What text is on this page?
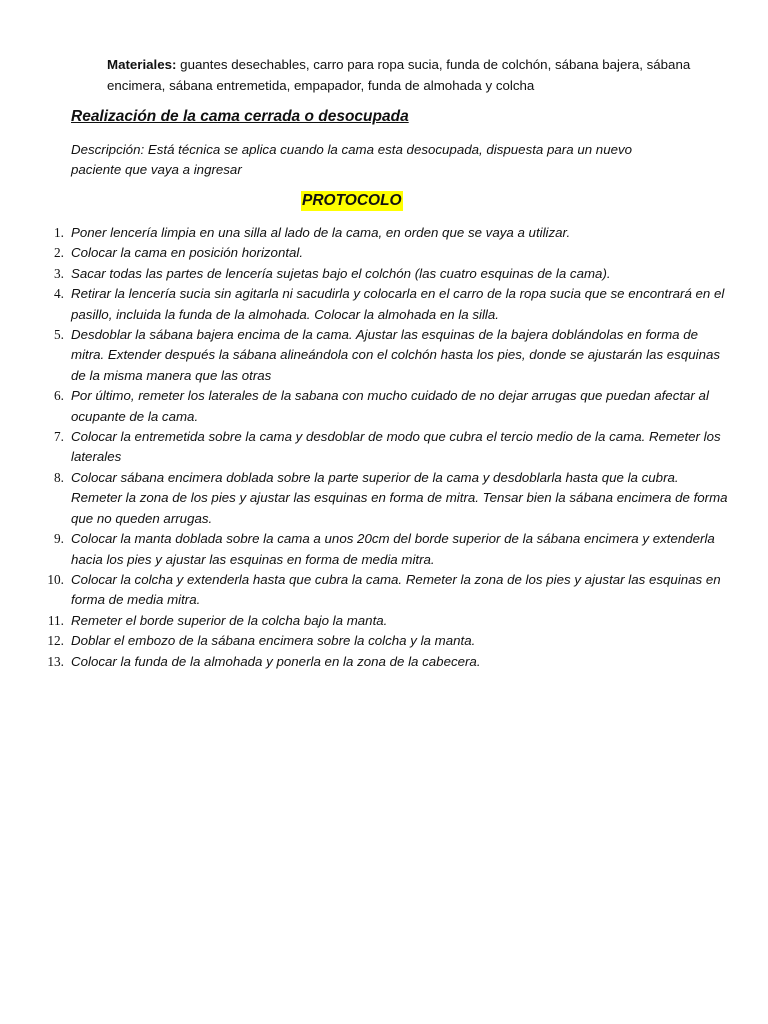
Materiales: guantes desechables, carro para ropa sucia, funda de colchón, sábana bajera, sábana encimera, sábana entremetida, empapador, funda de almohada y colcha
Realización de la cama cerrada o desocupada
Descripción: Está técnica se aplica cuando la cama esta desocupada, dispuesta para un nuevo paciente que vaya a ingresar
PROTOCOLO
1. Poner lencería limpia en una silla al lado de la cama, en orden que se vaya a utilizar.
2. Colocar la cama en posición horizontal.
3. Sacar todas las partes de lencería sujetas bajo el colchón (las cuatro esquinas de la cama).
4. Retirar la lencería sucia sin agitarla ni sacudirla y colocarla en el carro de la ropa sucia que se encontrará en el pasillo, incluida la funda de la almohada. Colocar la almohada en la silla.
5. Desdoblar la sábana bajera encima de la cama. Ajustar las esquinas de la bajera doblándolas en forma de mitra. Extender después la sábana alineándola con el colchón hasta los pies, donde se ajustarán las esquinas de la misma manera que las otras
6. Por último, remeter los laterales de la sabana con mucho cuidado de no dejar arrugas que puedan afectar al ocupante de la cama.
7. Colocar la entremetida sobre la cama y desdoblar de modo que cubra el tercio medio de la cama. Remeter los laterales
8. Colocar sábana encimera doblada sobre la parte superior de la cama y desdoblarla hasta que la cubra. Remeter la zona de los pies y ajustar las esquinas en forma de mitra. Tensar bien la sábana encimera de forma que no queden arrugas.
9. Colocar la manta doblada sobre la cama a unos 20cm del borde superior de la sábana encimera y extenderla hacia los pies y ajustar las esquinas en forma de media mitra.
10. Colocar la colcha y extenderla hasta que cubra la cama. Remeter la zona de los pies y ajustar las esquinas en forma de media mitra.
11. Remeter el borde superior de la colcha bajo la manta.
12. Doblar el embozo de la sábana encimera sobre la colcha y la manta.
13. Colocar la funda de la almohada y ponerla en la zona de la cabecera.
